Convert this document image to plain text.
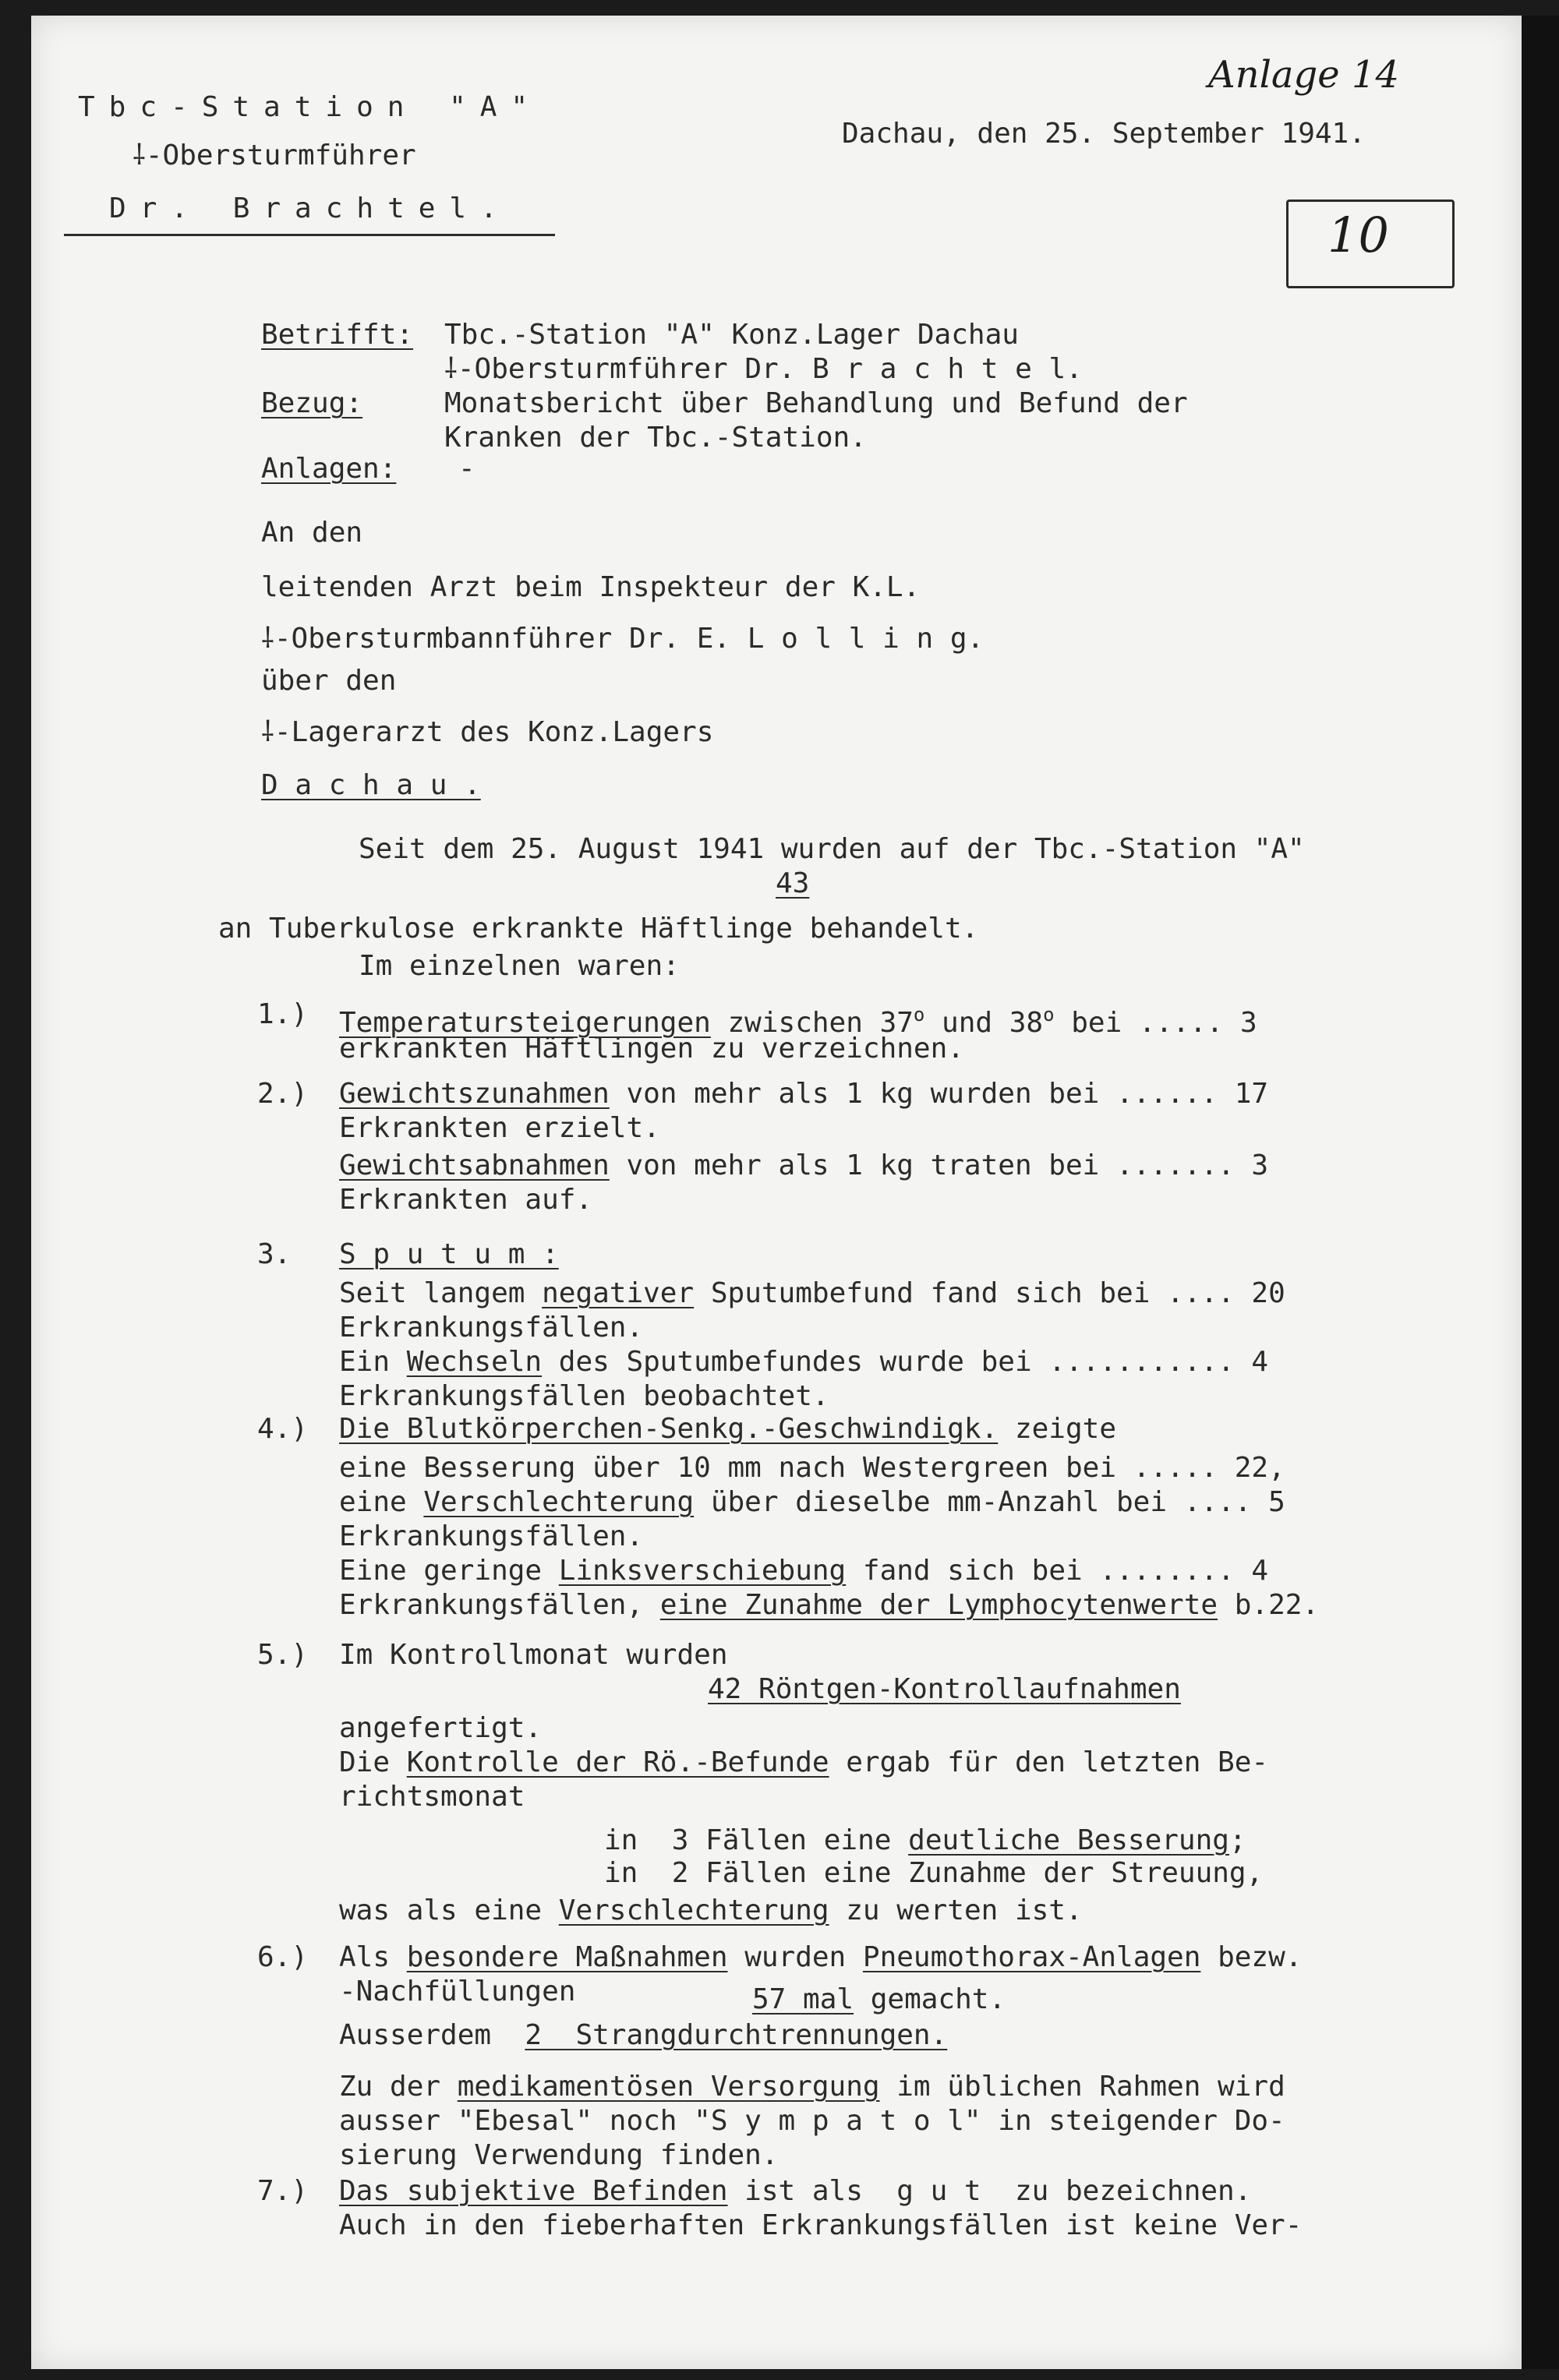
Tbc-Station "A"
⸸-Obersturmführer
Dr. Brachtel.
Dachau, den 25. September 1941.
Anlage 14
10
Betrifft: Tbc.-Station "A" Konz.Lager Dachau
⸸-Obersturmführer Dr. B r a c h t e l.
Bezug:	Monatsbericht über Behandlung und Befund der
Kranken der Tbc.-Station.
Anlagen: -
An den
leitenden Arzt beim Inspekteur der K.L.
⸸-Obersturmbannführer Dr. E. L o l l i n g.
über den
⸸-Lagerarzt des Konz.Lagers
D a c h a u .
Seit dem 25. August 1941 wurden auf der Tbc.-Station "A"
43
an Tuberkulose erkrankte Häftlinge behandelt.
Im einzelnen waren:
1.) Temperatursteigerungen zwischen 37$^o$ und 38$^o$ bei ..... 3
erkrankten Häftlingen zu verzeichnen.
2.) Gewichtszunahmen von mehr als 1 kg wurden bei ...... 17
Erkrankten erzielt.
Gewichtsabnahmen von mehr als 1 kg traten bei ....... 3
Erkrankten auf.
3. S p u t u m :
Seit langem negativer Sputumbefund fand sich bei .... 20
Erkrankungsfällen.
Ein Wechseln des Sputumbefundes wurde bei ........... 4
Erkrankungsfällen beobachtet.
4.) Die Blutkörperchen-Senkg.-Geschwindigk. zeigte
eine Besserung über 10 mm nach Westergreen bei ..... 22,
eine Verschlechterung über dieselbe mm-Anzahl bei .... 5
Erkrankungsfällen.
Eine geringe Linksverschiebung fand sich bei ........ 4
Erkrankungsfällen, eine Zunahme der Lymphocytenwerte b.22.
5.) Im Kontrollmonat wurden
42 Röntgen-Kontrollaufnahmen
angefertigt.
Die Kontrolle der Rö.-Befunde ergab für den letzten Be-
richtsmonat
in  3 Fällen eine deutliche Besserung;
in  2 Fällen eine Zunahme der Streuung,
was als eine Verschlechterung zu werten ist.
6.) Als besondere Maßnahmen wurden Pneumothorax-Anlagen bezw.
-Nachfüllungen	57 mal gemacht.
Ausserdem  2  Strangdurchtrennungen.
Zu der medikamentösen Versorgung im üblichen Rahmen wird
ausser "Ebesal" noch "S y m p a t o l" in steigender Do-
sierung Verwendung finden.
7.) Das subjektive Befinden ist als  g u t  zu bezeichnen.
Auch in den fieberhaften Erkrankungsfällen ist keine Ver-
